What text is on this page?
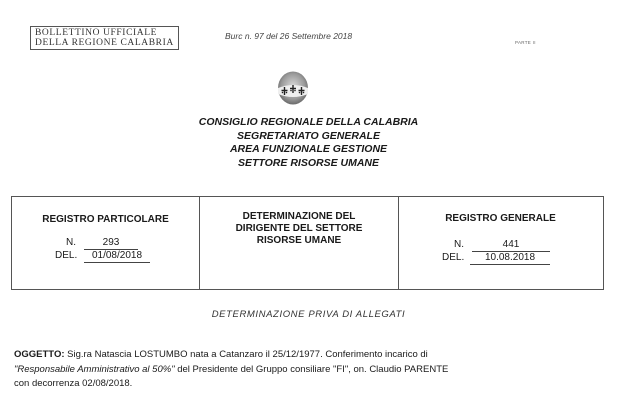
BOLLETTINO UFFICIALE
DELLA REGIONE CALABRIA
Burc n. 97 del 26 Settembre 2018
PARTE II
CONSIGLIO REGIONALE DELLA CALABRIA
SEGRETARIATO GENERALE
AREA FUNZIONALE GESTIONE
SETTORE RISORSE UMANE
REGISTRO PARTICOLARE
N.	293
DEL.	01/08/2018
DETERMINAZIONE DEL
DIRIGENTE DEL SETTORE
RISORSE UMANE
REGISTRO GENERALE
N.	441
DEL.	10.08.2018
DETERMINAZIONE PRIVA DI ALLEGATI
OGGETTO: Sig.ra Natascia LOSTUMBO nata a Catanzaro il 25/12/1977. Conferimento incarico di
"Responsabile Amministrativo al 50%" del Presidente del Gruppo consiliare "FI", on. Claudio PARENTE
con decorrenza 02/08/2018.
